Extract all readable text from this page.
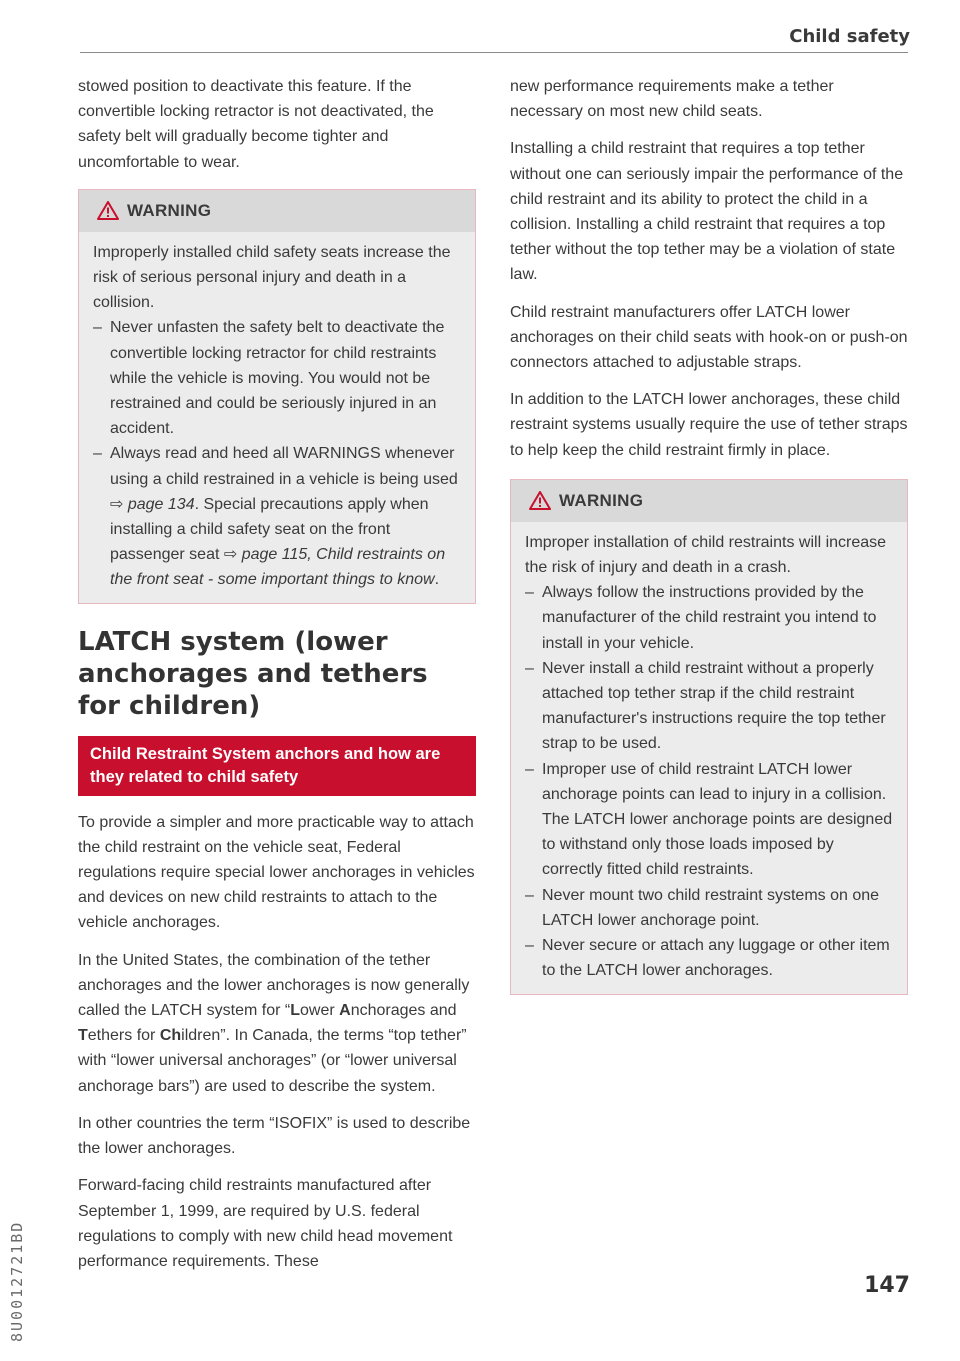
Child safety

stowed position to deactivate this feature. If the convertible locking retractor is not deactivated, the safety belt will gradually become tighter and uncomfortable to wear.

WARNING

Improperly installed child safety seats increase the risk of serious personal injury and death in a collision.

– Never unfasten the safety belt to deactivate the convertible locking retractor for child restraints while the vehicle is moving. You would not be restrained and could be seriously injured in an accident.
– Always read and heed all WARNINGS whenever using a child restrained in a vehicle is being used ⇨ page 134. Special precautions apply when installing a child safety seat on the front passenger seat ⇨ page 115, Child restraints on the front seat - some important things to know.
LATCH system (lower anchorages and tethers for children)
Child Restraint System anchors and how are they related to child safety

To provide a simpler and more practicable way to attach the child restraint on the vehicle seat, Federal regulations require special lower anchorages in vehicles and devices on new child restraints to attach to the vehicle anchorages.

In the United States, the combination of the tether anchorages and the lower anchorages is now generally called the LATCH system for “Lower Anchorages and Tethers for Children”. In Canada, the terms “top tether” with “lower universal anchorages” (or “lower universal anchorage bars”) are used to describe the system.

In other countries the term “ISOFIX” is used to describe the lower anchorages.

Forward-facing child restraints manufactured after September 1, 1999, are required by U.S. federal regulations to comply with new child head movement performance requirements. These

new performance requirements make a tether necessary on most new child seats.

Installing a child restraint that requires a top tether without one can seriously impair the performance of the child restraint and its ability to protect the child in a collision. Installing a child restraint that requires a top tether without the top tether may be a violation of state law.

Child restraint manufacturers offer LATCH lower anchorages on their child seats with hook-on or push-on connectors attached to adjustable straps.

In addition to the LATCH lower anchorages, these child restraint systems usually require the use of tether straps to help keep the child restraint firmly in place.

WARNING

Improper installation of child restraints will increase the risk of injury and death in a crash.

– Always follow the instructions provided by the manufacturer of the child restraint you intend to install in your vehicle.
– Never install a child restraint without a properly attached top tether strap if the child restraint manufacturer's instructions require the top tether strap to be used.
– Improper use of child restraint LATCH lower anchorage points can lead to injury in a collision. The LATCH lower anchorage points are designed to withstand only those loads imposed by correctly fitted child restraints.
– Never mount two child restraint systems on one LATCH lower anchorage point.
– Never secure or attach any luggage or other item to the LATCH lower anchorages.
8U0012721BD	147
